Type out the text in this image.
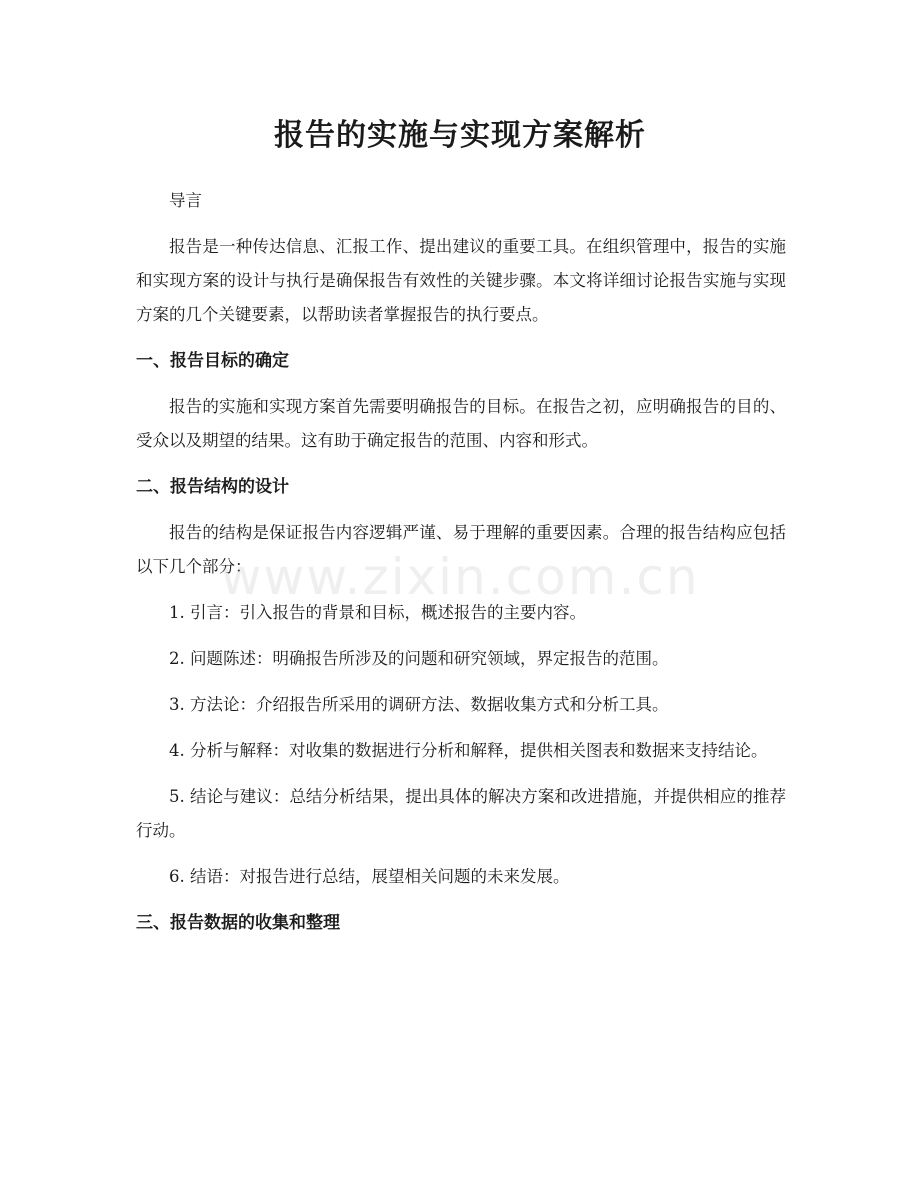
报告的实施与实现方案解析
导言
报告是一种传达信息、汇报工作、提出建议的重要工具。在组织管理中，报告的实施和实现方案的设计与执行是确保报告有效性的关键步骤。本文将详细讨论报告实施与实现方案的几个关键要素，以帮助读者掌握报告的执行要点。
一、报告目标的确定
报告的实施和实现方案首先需要明确报告的目标。在报告之初，应明确报告的目的、受众以及期望的结果。这有助于确定报告的范围、内容和形式。
二、报告结构的设计
报告的结构是保证报告内容逻辑严谨、易于理解的重要因素。合理的报告结构应包括以下几个部分：
1. 引言：引入报告的背景和目标，概述报告的主要内容。
2. 问题陈述：明确报告所涉及的问题和研究领域，界定报告的范围。
3. 方法论：介绍报告所采用的调研方法、数据收集方式和分析工具。
4. 分析与解释：对收集的数据进行分析和解释，提供相关图表和数据来支持结论。
5. 结论与建议：总结分析结果，提出具体的解决方案和改进措施，并提供相应的推荐行动。
6. 结语：对报告进行总结，展望相关问题的未来发展。
三、报告数据的收集和整理
www.zixin.com.cn
